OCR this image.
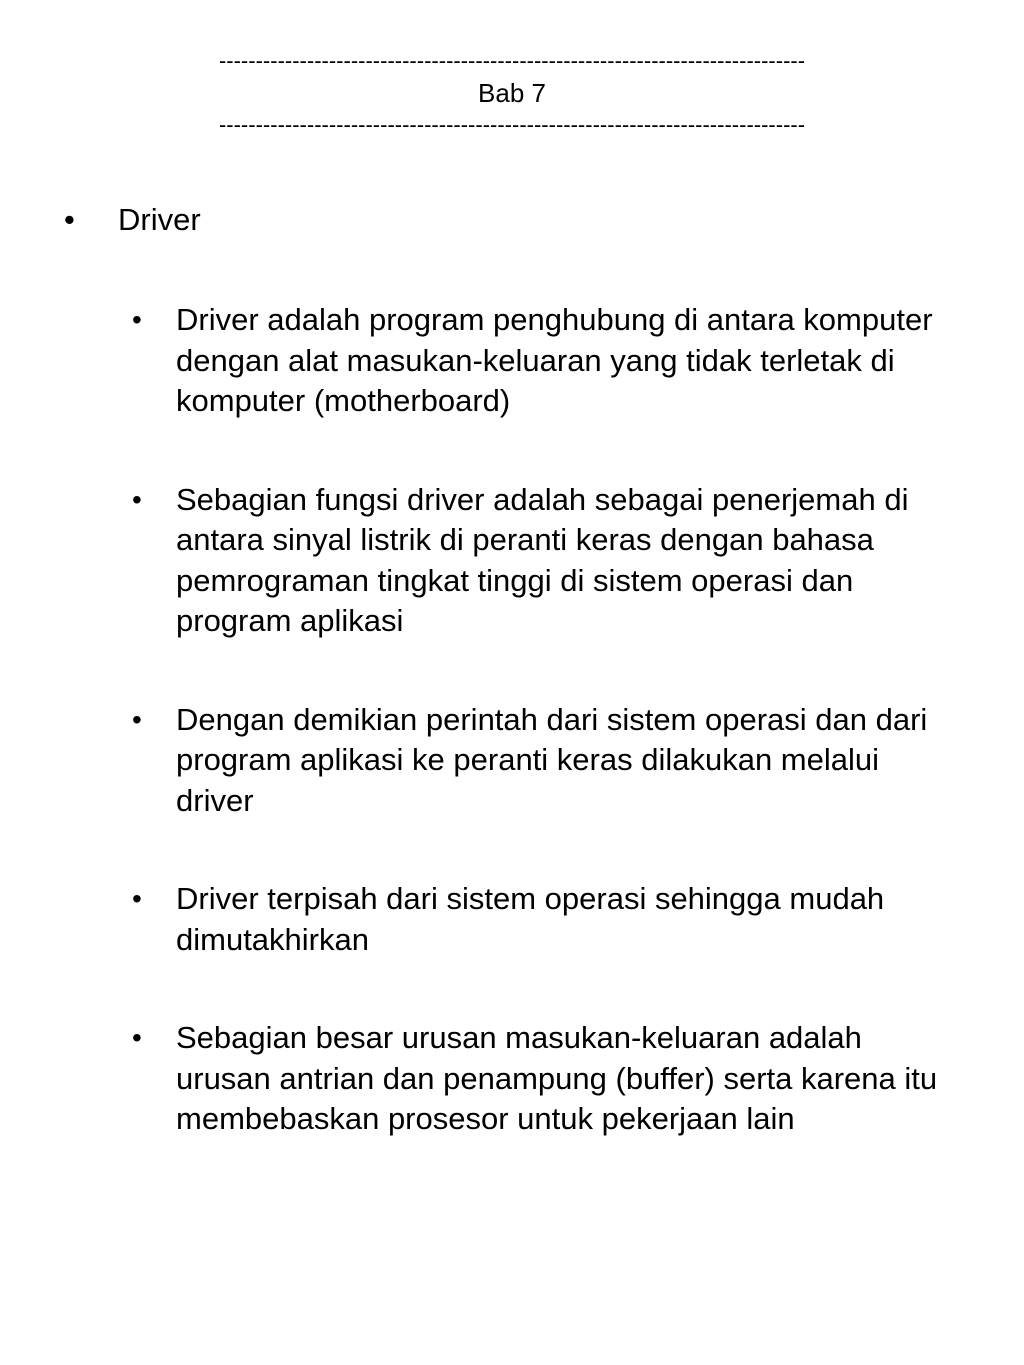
--------------------------------------------------------------------------------
Bab 7
--------------------------------------------------------------------------------
• Driver
• Driver adalah program penghubung di antara komputer dengan alat masukan-keluaran yang tidak terletak di komputer (motherboard)
• Sebagian fungsi driver adalah sebagai penerjemah di antara sinyal listrik di peranti keras dengan bahasa pemrograman tingkat tinggi di sistem operasi dan program aplikasi
• Dengan demikian perintah dari sistem operasi dan dari program aplikasi ke peranti keras dilakukan melalui driver
• Driver terpisah dari sistem operasi sehingga mudah dimutakhirkan
• Sebagian besar urusan masukan-keluaran adalah urusan antrian dan penampung (buffer) serta karena itu membebaskan prosesor untuk pekerjaan lain
